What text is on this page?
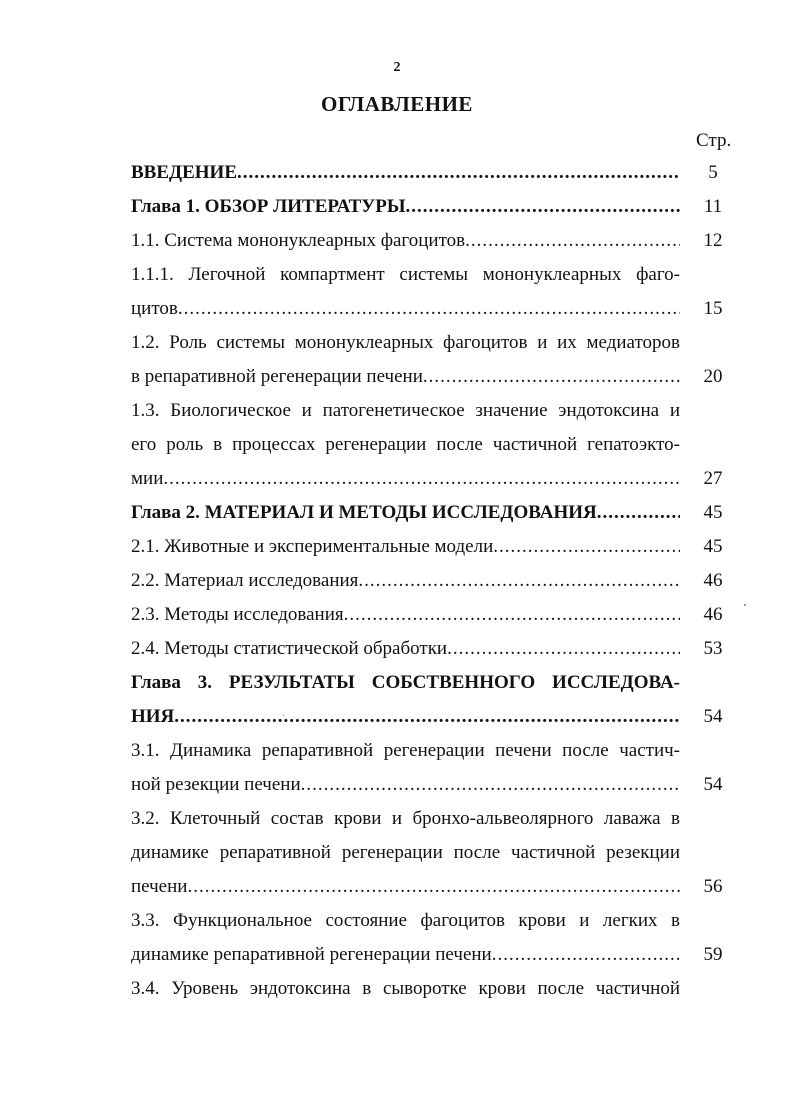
2
ОГЛАВЛЕНИЕ
Стр.
ВВЕДЕНИЕ .....	5
Глава 1. ОБЗОР ЛИТЕРАТУРЫ .....	11
1.1. Система мононуклеарных фагоцитов .....	12
1.1.1. Легочной компартмент системы мононуклеарных фаго-
цитов .....	15
1.2. Роль системы мононуклеарных фагоцитов и их медиаторов
в репаративной регенерации печени .....	20
1.3. Биологическое и патогенетическое значение эндотоксина и
его роль в процессах регенерации после частичной гепатоэкто-
мии .....	27
Глава 2. МАТЕРИАЛ И МЕТОДЫ ИССЛЕДОВАНИЯ .....	45
2.1. Животные и экспериментальные модели .....	45
2.2. Материал исследования .....	46
2.3. Методы исследования .....	46
2.4. Методы статистической обработки .....	53
Глава 3. РЕЗУЛЬТАТЫ СОБСТВЕННОГО ИССЛЕДОВА-
НИЯ .....	54
3.1. Динамика репаративной регенерации печени после частич-
ной резекции печени .....	54
3.2. Клеточный состав крови и бронхо-альвеолярного лаважа в
динамике репаративной регенерации после частичной резекции
печени .....	56
3.3. Функциональное состояние фагоцитов крови и легких в
динамике репаративной регенерации печени .....	59
3.4. Уровень эндотоксина в сыворотке крови после частичной
